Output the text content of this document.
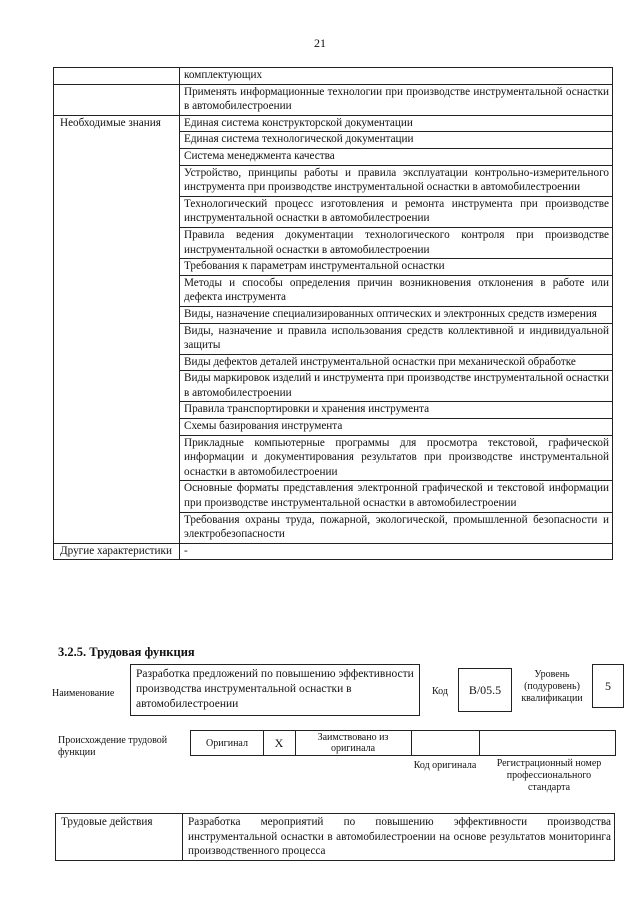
21
	комплектующих
	Применять информационные технологии при производстве инструментальной оснастки в автомобилестроении
Необходимые знания	Единая система конструкторской документации
	Единая система технологической документации
	Система менеджмента качества
	Устройство, принципы работы и правила эксплуатации контрольно-измерительного инструмента при производстве инструментальной оснастки в автомобилестроении
	Технологический процесс изготовления и ремонта инструмента при производстве инструментальной оснастки в автомобилестроении
	Правила ведения документации технологического контроля при производстве инструментальной оснастки в автомобилестроении
	Требования к параметрам инструментальной оснастки
	Методы и способы определения причин возникновения отклонения в работе или дефекта инструмента
	Виды, назначение специализированных оптических и электронных средств измерения
	Виды, назначение и правила использования средств коллективной и индивидуальной защиты
	Виды дефектов деталей инструментальной оснастки при механической обработке
	Виды маркировок изделий и инструмента при производстве инструментальной оснастки в автомобилестроении
	Правила транспортировки и хранения инструмента
	Схемы базирования инструмента
	Прикладные компьютерные программы для просмотра текстовой, графической информации и документирования результатов при производстве инструментальной оснастки в автомобилестроении
	Основные форматы представления электронной графической и текстовой информации при производстве инструментальной оснастки в автомобилестроении
	Требования охраны труда, пожарной, экологической, промышленной безопасности и электробезопасности
Другие характеристики	-
3.2.5. Трудовая функция
Наименование
Разработка предложений по повышению эффективности производства инструментальной оснастки в автомобилестроении
Код	B/05.5
Уровень (подуровень) квалификации
5
Происхождение трудовой функции
Оригинал	X	Заимствовано из оригинала
Код оригинала	Регистрационный номер профессионального стандарта
Трудовые действия	Разработка мероприятий по повышению эффективности производства инструментальной оснастки в автомобилестроении на основе результатов мониторинга производственного процесса
